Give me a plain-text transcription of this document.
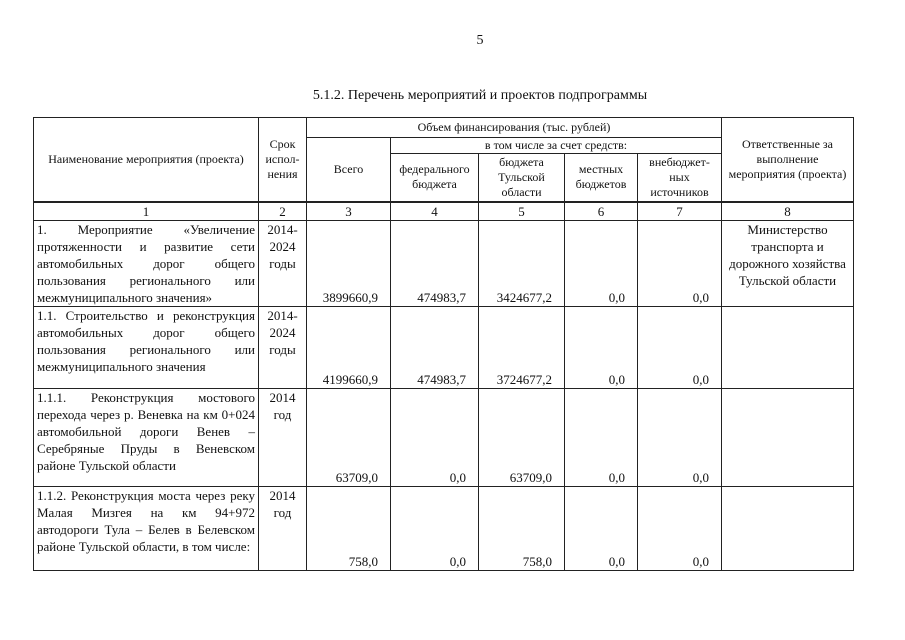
5
5.1.2. Перечень мероприятий и проектов подпрограммы
Наименование мероприятия (проекта)	Срок испол-нения	Объем финансирования (тыс. рублей)					Ответственные за выполнение мероприятия (проекта)
		Всего	в том числе за счет средств:				
			федерального бюджета	бюджета Тульской области	местных бюджетов	внебюджет-ных источников	
1	2	3	4	5	6	7	8
1. Мероприятие «Увеличение протяженности и развитие сети автомобильных дорог общего пользования регионального или межмуниципального значения»	2014-2024 годы	3899660,9	474983,7	3424677,2	0,0	0,0	Министерство транспорта и дорожного хозяйства Тульской области
1.1. Строительство и реконструкция автомобильных дорог общего пользования регионального или межмуниципального значения	2014-2024 годы	4199660,9	474983,7	3724677,2	0,0	0,0	
1.1.1. Реконструкция мостового перехода через р. Веневка на км 0+024 автомобильной дороги Венев – Серебряные Пруды в Веневском районе Тульской области	2014 год	63709,0	0,0	63709,0	0,0	0,0	
1.1.2. Реконструкция моста через реку Малая Мизгея на км 94+972 автодороги Тула – Белев в Белевском районе Тульской области, в том числе:	2014 год	758,0	0,0	758,0	0,0	0,0	
